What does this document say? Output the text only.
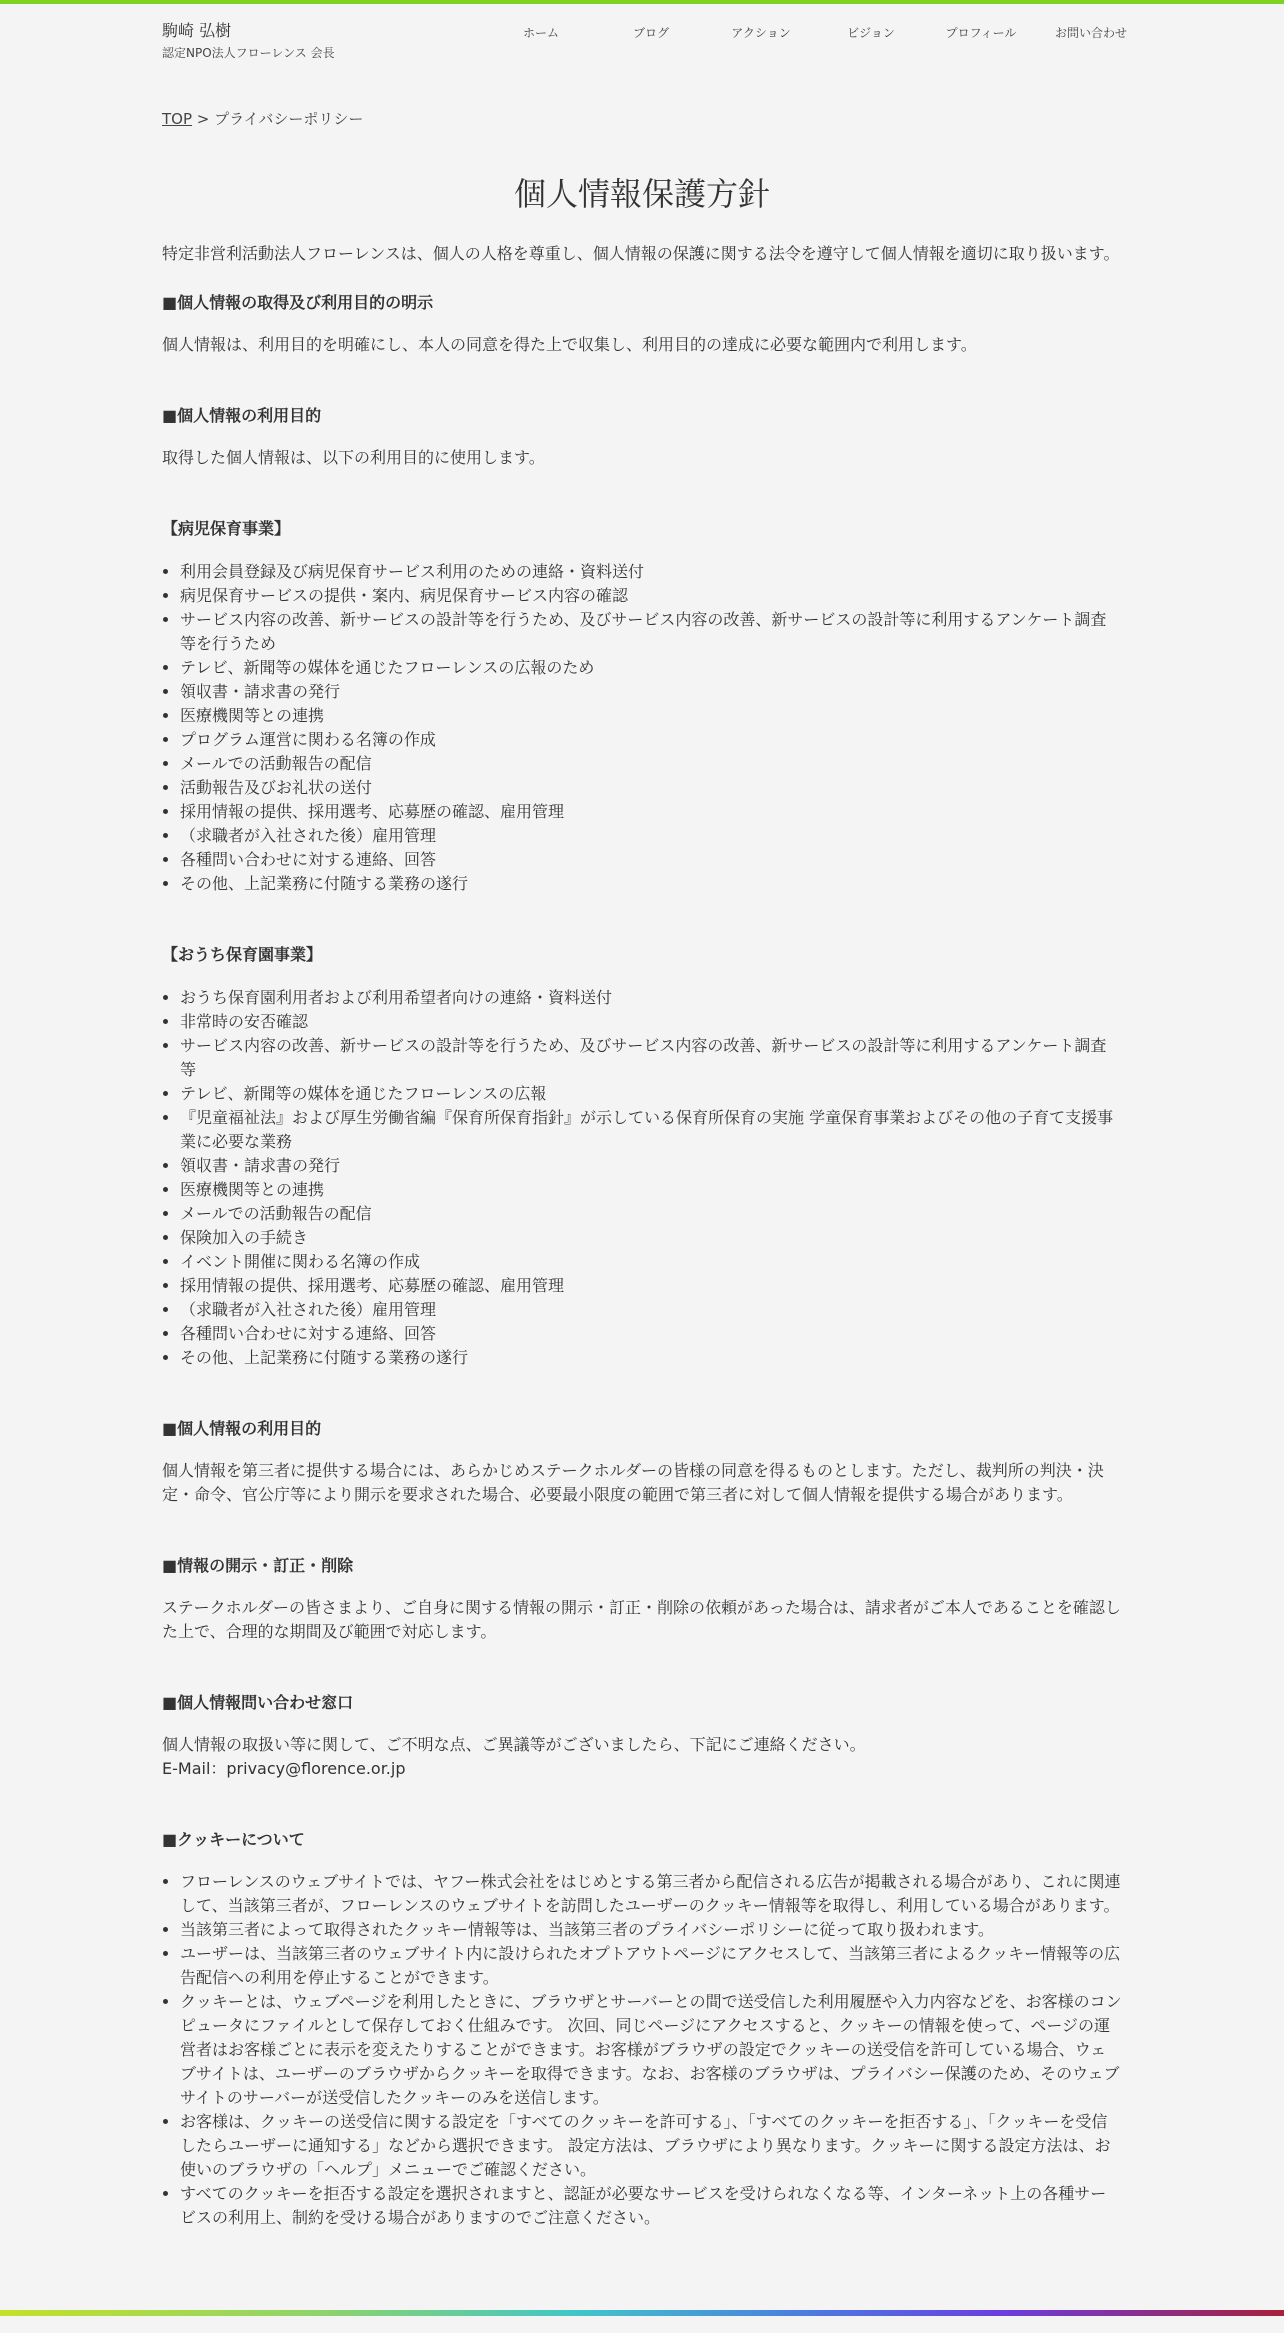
駒崎 弘樹
認定NPO法人フローレンス 会長
ホーム	ブログ	アクション	ビジョン	プロフィール	お問い合わせ
TOP > プライバシーポリシー
個人情報保護方針

特定非営利活動法人フローレンスは、個人の人格を尊重し、個人情報の保護に関する法令を遵守して個人情報を適切に取り扱います。

■個人情報の取得及び利用目的の明示

個人情報は、利用目的を明確にし、本人の同意を得た上で収集し、利用目的の達成に必要な範囲内で利用します。

■個人情報の利用目的

取得した個人情報は、以下の利用目的に使用します。

【病児保育事業】
• 利用会員登録及び病児保育サービス利用のための連絡・資料送付
• 病児保育サービスの提供・案内、病児保育サービス内容の確認
• サービス内容の改善、新サービスの設計等を行うため、及びサービス内容の改善、新サービスの設計等に利用するアンケート調査等を行うため
• テレビ、新聞等の媒体を通じたフローレンスの広報のため
• 領収書・請求書の発行
• 医療機関等との連携
• プログラム運営に関わる名簿の作成
• メールでの活動報告の配信
• 活動報告及びお礼状の送付
• 採用情報の提供、採用選考、応募歴の確認、雇用管理
• （求職者が入社された後）雇用管理
• 各種問い合わせに対する連絡、回答
• その他、上記業務に付随する業務の遂行
【おうち保育園事業】
• おうち保育園利用者および利用希望者向けの連絡・資料送付
• 非常時の安否確認
• サービス内容の改善、新サービスの設計等を行うため、及びサービス内容の改善、新サービスの設計等に利用するアンケート調査等
• テレビ、新聞等の媒体を通じたフローレンスの広報
• 『児童福祉法』および厚生労働省編『保育所保育指針』が示している保育所保育の実施 学童保育事業およびその他の子育て支援事業に必要な業務
• 領収書・請求書の発行
• 医療機関等との連携
• メールでの活動報告の配信
• 保険加入の手続き
• イベント開催に関わる名簿の作成
• 採用情報の提供、採用選考、応募歴の確認、雇用管理
• （求職者が入社された後）雇用管理
• 各種問い合わせに対する連絡、回答
• その他、上記業務に付随する業務の遂行
■個人情報の利用目的

個人情報を第三者に提供する場合には、あらかじめステークホルダーの皆様の同意を得るものとします。ただし、裁判所の判決・決定・命令、官公庁等により開示を要求された場合、必要最小限度の範囲で第三者に対して個人情報を提供する場合があります。

■情報の開示・訂正・削除

ステークホルダーの皆さまより、ご自身に関する情報の開示・訂正・削除の依頼があった場合は、請求者がご本人であることを確認した上で、合理的な期間及び範囲で対応します。

■個人情報問い合わせ窓口

個人情報の取扱い等に関して、ご不明な点、ご異議等がございましたら、下記にご連絡ください。

E-Mail：privacy@florence.or.jp
■クッキーについて
• フローレンスのウェブサイトでは、ヤフー株式会社をはじめとする第三者から配信される広告が掲載される場合があり、これに関連して、当該第三者が、フローレンスのウェブサイトを訪問したユーザーのクッキー情報等を取得し、利用している場合があります。
• 当該第三者によって取得されたクッキー情報等は、当該第三者のプライバシーポリシーに従って取り扱われます。
• ユーザーは、当該第三者のウェブサイト内に設けられたオプトアウトページにアクセスして、当該第三者によるクッキー情報等の広告配信への利用を停止することができます。
• クッキーとは、ウェブページを利用したときに、ブラウザとサーバーとの間で送受信した利用履歴や入力内容などを、お客様のコンピュータにファイルとして保存しておく仕組みです。 次回、同じページにアクセスすると、クッキーの情報を使って、ページの運営者はお客様ごとに表示を変えたりすることができます。お客様がブラウザの設定でクッキーの送受信を許可している場合、ウェブサイトは、ユーザーのブラウザからクッキーを取得できます。なお、お客様のブラウザは、プライバシー保護のため、そのウェブサイトのサーバーが送受信したクッキーのみを送信します。
• お客様は、クッキーの送受信に関する設定を「すべてのクッキーを許可する」、「すべてのクッキーを拒否する」、「クッキーを受信したらユーザーに通知する」などから選択できます。 設定方法は、ブラウザにより異なります。クッキーに関する設定方法は、お使いのブラウザの「ヘルプ」メニューでご確認ください。
• すべてのクッキーを拒否する設定を選択されますと、認証が必要なサービスを受けられなくなる等、インターネット上の各種サービスの利用上、制約を受ける場合がありますのでご注意ください。
